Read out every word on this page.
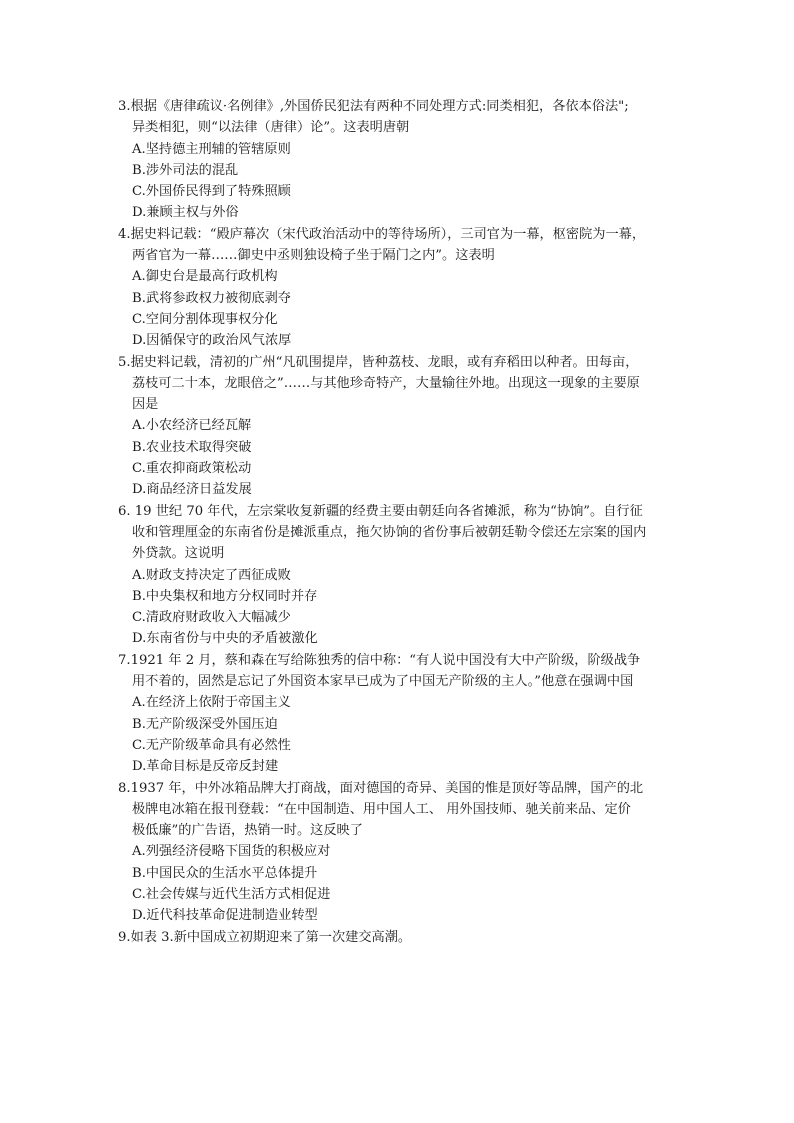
3.根据《唐律疏议·名例律》,外国侨民犯法有两种不同处理方式:同类相犯，各依本俗法";
异类相犯，则“以法律（唐律）论”。这表明唐朝
A.坚持德主刑辅的管辖原则
B.涉外司法的混乱
C.外国侨民得到了特殊照顾
D.兼顾主权与外俗
4.据史料记载：“殿庐幕次（宋代政治活动中的等待场所），三司官为一幕，枢密院为一幕，
两省官为一幕……御史中丞则独设椅子坐于隔门之内”。这表明
A.御史台是最高行政机构
B.武将参政权力被彻底剥夺
C.空间分割体现事权分化
D.因循保守的政治风气浓厚
5.据史料记载，清初的广州“凡矶围提岸，皆种荔枝、龙眼，或有弃稻田以种者。田每亩，
荔枝可二十本，龙眼倍之”……与其他珍奇特产，大量输往外地。出现这一现象的主要原
因是
A.小农经济已经瓦解
B.农业技术取得突破
C.重农抑商政策松动
D.商品经济日益发展
6. 19 世纪 70 年代，左宗棠收复新疆的经费主要由朝廷向各省摊派，称为“协饷”。自行征
收和管理厘金的东南省份是摊派重点，拖欠协饷的省份事后被朝廷勒令偿还左宗案的国内
外贷款。这说明
A.财政支持决定了西征成败
B.中央集权和地方分权同时并存
C.清政府财政收入大幅减少
D.东南省份与中央的矛盾被激化
7.1921 年 2 月，蔡和森在写给陈独秀的信中称：“有人说中国没有大中产阶级，阶级战争
用不着的，固然是忘记了外国资本家早已成为了中国无产阶级的主人。”他意在强调中国
A.在经济上依附于帝国主义
B.无产阶级深受外国压迫
C.无产阶级革命具有必然性
D.革命目标是反帝反封建
8.1937 年，中外冰箱品牌大打商战，面对德国的奇异、美国的惟是顶好等品牌，国产的北
极牌电冰箱在报刊登载：“在中国制造、用中国人工、 用外国技师、驰关前来品、定价
极低廉”的广告语，热销一时。这反映了
A.列强经济侵略下国货的积极应对
B.中国民众的生活水平总体提升
C.社会传媒与近代生活方式相促进
D.近代科技革命促进制造业转型
9.如表 3.新中国成立初期迎来了第一次建交高潮。
